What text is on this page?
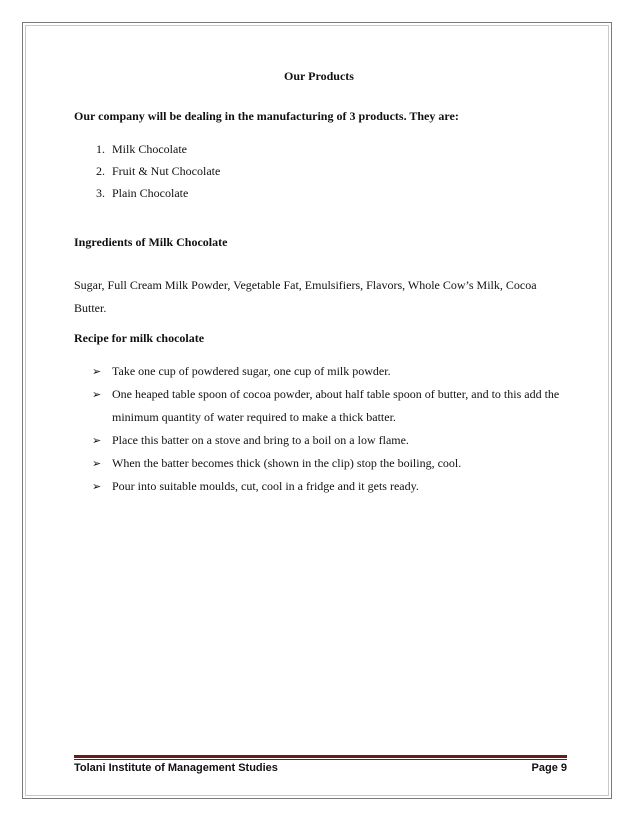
Our Products
Our company will be dealing in the manufacturing of 3 products. They are:
1. Milk Chocolate
2. Fruit & Nut Chocolate
3. Plain Chocolate
Ingredients of Milk Chocolate
Sugar, Full Cream Milk Powder, Vegetable Fat, Emulsifiers, Flavors, Whole Cow’s Milk, Cocoa Butter.
Recipe for milk chocolate
➢ Take one cup of powdered sugar, one cup of milk powder.
➢ One heaped table spoon of cocoa powder, about half table spoon of butter, and to this add the minimum quantity of water required to make a thick batter.
➢ Place this batter on a stove and bring to a boil on a low flame.
➢ When the batter becomes thick (shown in the clip) stop the boiling, cool.
➢ Pour into suitable moulds, cut, cool in a fridge and it gets ready.
Tolani Institute of Management Studies	Page 9
